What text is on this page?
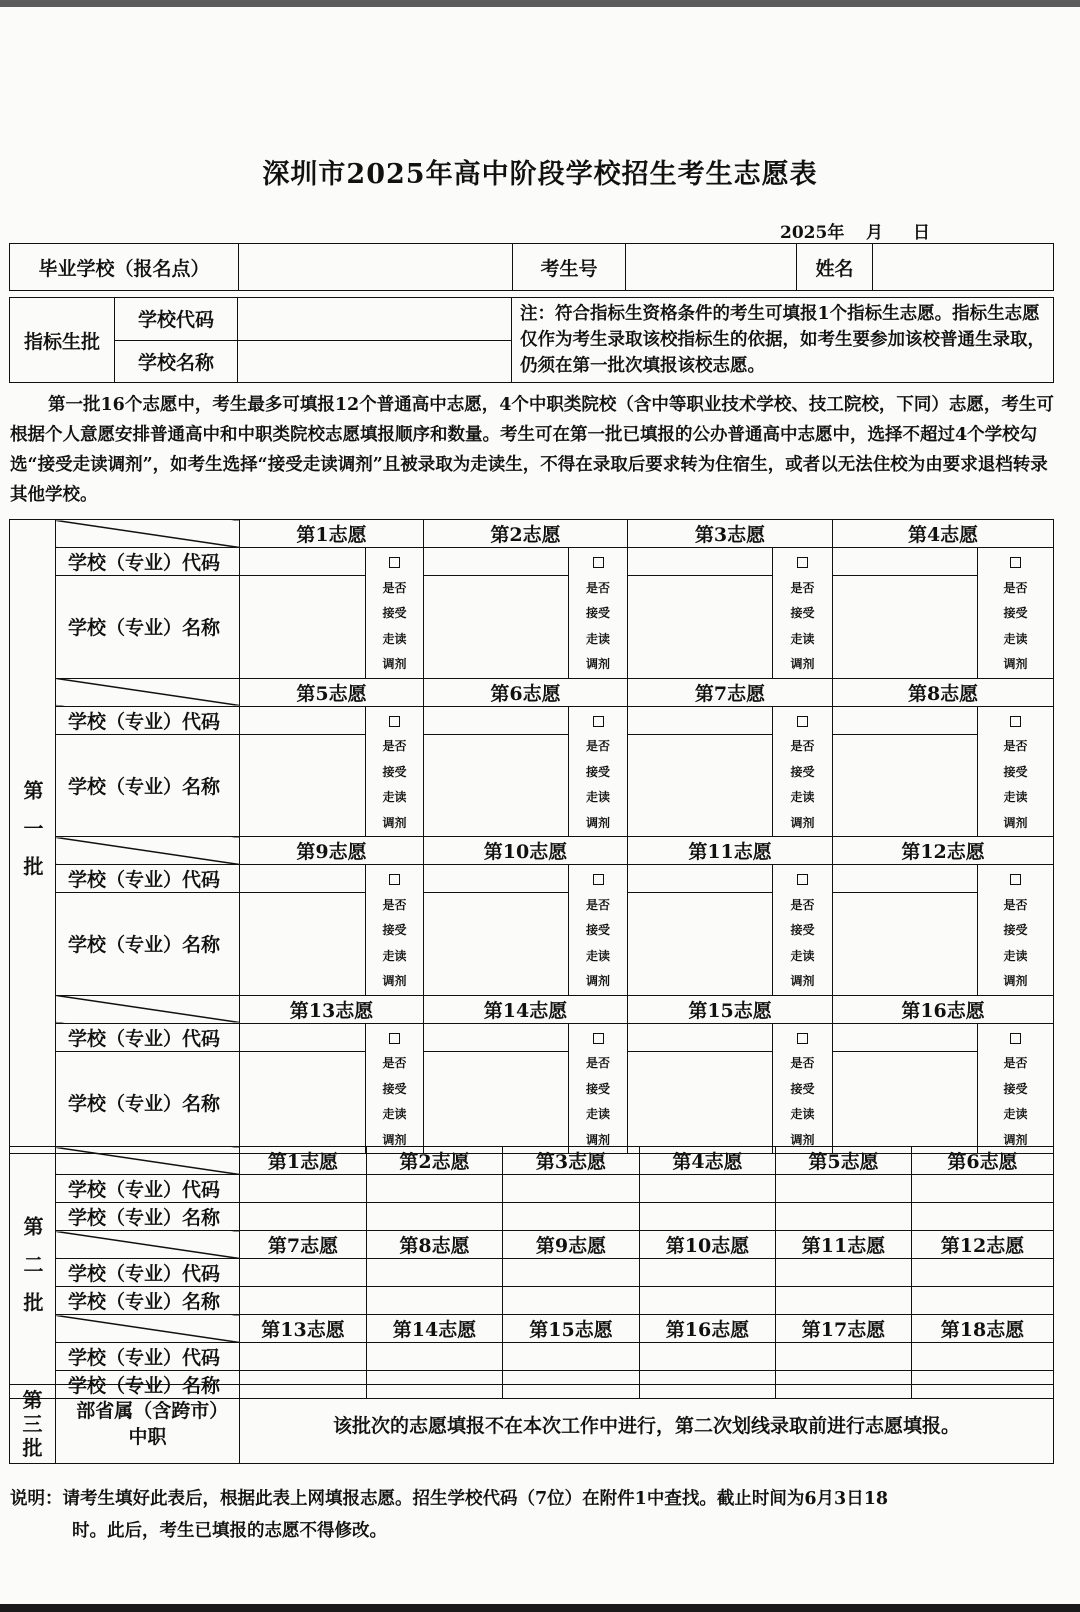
深圳市2025年高中阶段学校招生考生志愿表
2025年 月 日
毕业学校（报名点）		考生号		姓名	
指标生批	学校代码		注：符合指标生资格条件的考生可填报1个指标生志愿。指标生志愿仅作为考生录取该校指标生的依据，如考生要参加该校普通生录取，仍须在第一批次填报该校志愿。
	学校名称		

第一批16个志愿中，考生最多可填报12个普通高中志愿，4个中职类院校（含中等职业技术学校、技工院校，下同）志愿，考生可根据个人意愿安排普通高中和中职类院校志愿填报顺序和数量。考生可在第一批已填报的公办普通高中志愿中，选择不超过4个学校勾选“接受走读调剂”，如考生选择“接受走读调剂”且被录取为走读生，不得在录取后要求转为住宿生，或者以无法住校为由要求退档转录其他学校。

第一批		第1志愿		第2志愿		第3志愿		第4志愿	
	学校（专业）代码		是否
接受
走读
调剂		是否
接受
走读
调剂		是否
接受
走读
调剂		是否
接受
走读
调剂
	学校（专业）名称								
		第5志愿		第6志愿		第7志愿		第8志愿	
	学校（专业）代码		是否
接受
走读
调剂		是否
接受
走读
调剂		是否
接受
走读
调剂		是否
接受
走读
调剂
	学校（专业）名称								
		第9志愿		第10志愿		第11志愿		第12志愿	
	学校（专业）代码		是否
接受
走读
调剂		是否
接受
走读
调剂		是否
接受
走读
调剂		是否
接受
走读
调剂
	学校（专业）名称								
		第13志愿		第14志愿		第15志愿		第16志愿	
	学校（专业）代码		是否
接受
走读
调剂		是否
接受
走读
调剂		是否
接受
走读
调剂		是否
接受
走读
调剂
	学校（专业）名称								
第二批		第1志愿	第2志愿	第3志愿	第4志愿	第5志愿	第6志愿
	学校（专业）代码						
	学校（专业）名称						
		第7志愿	第8志愿	第9志愿	第10志愿	第11志愿	第12志愿
	学校（专业）代码						
	学校（专业）名称						
		第13志愿	第14志愿	第15志愿	第16志愿	第17志愿	第18志愿
	学校（专业）代码						
	学校（专业）名称						
第三批	部省属（含跨市）中职	该批次的志愿填报不在本次工作中进行，第二次划线录取前进行志愿填报。
说明：请考生填好此表后，根据此表上网填报志愿。招生学校代码（7位）在附件1中查找。截止时间为6月3日18
时。此后，考生已填报的志愿不得修改。
